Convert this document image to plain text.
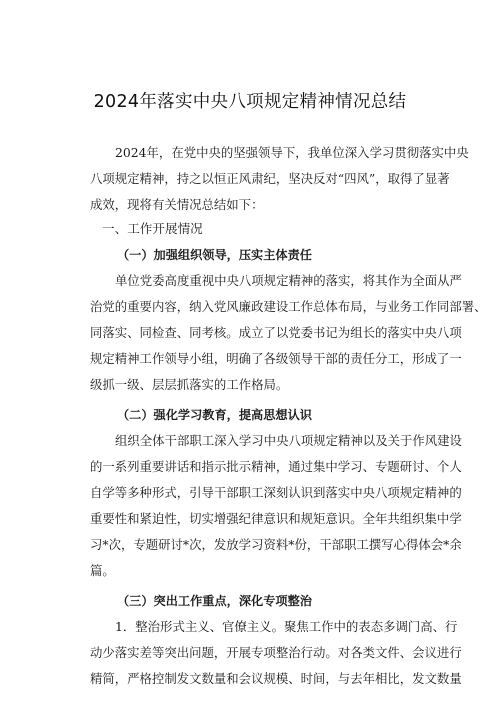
2024年落实中央八项规定精神情况总结
2024年，在党中央的坚强领导下，我单位深入学习贯彻落实中央
八项规定精神，持之以恒正风肃纪，坚决反对“四风”，取得了显著
成效，现将有关情况总结如下：
一、工作开展情况
（一）加强组织领导，压实主体责任
单位党委高度重视中央八项规定精神的落实，将其作为全面从严
治党的重要内容，纳入党风廉政建设工作总体布局，与业务工作同部署、
同落实、同检查、同考核。成立了以党委书记为组长的落实中央八项
规定精神工作领导小组，明确了各级领导干部的责任分工，形成了一
级抓一级、层层抓落实的工作格局。
（二）强化学习教育，提高思想认识
组织全体干部职工深入学习中央八项规定精神以及关于作风建设
的一系列重要讲话和指示批示精神，通过集中学习、专题研讨、个人
自学等多种形式，引导干部职工深刻认识到落实中央八项规定精神的
重要性和紧迫性，切实增强纪律意识和规矩意识。全年共组织集中学
习*次，专题研讨*次，发放学习资料*份，干部职工撰写心得体会*余
篇。
（三）突出工作重点，深化专项整治
1．整治形式主义、官僚主义。聚焦工作中的表态多调门高、行
动少落实差等突出问题，开展专项整治行动。对各类文件、会议进行
精简，严格控制发文数量和会议规模、时间，与去年相比，发文数量
